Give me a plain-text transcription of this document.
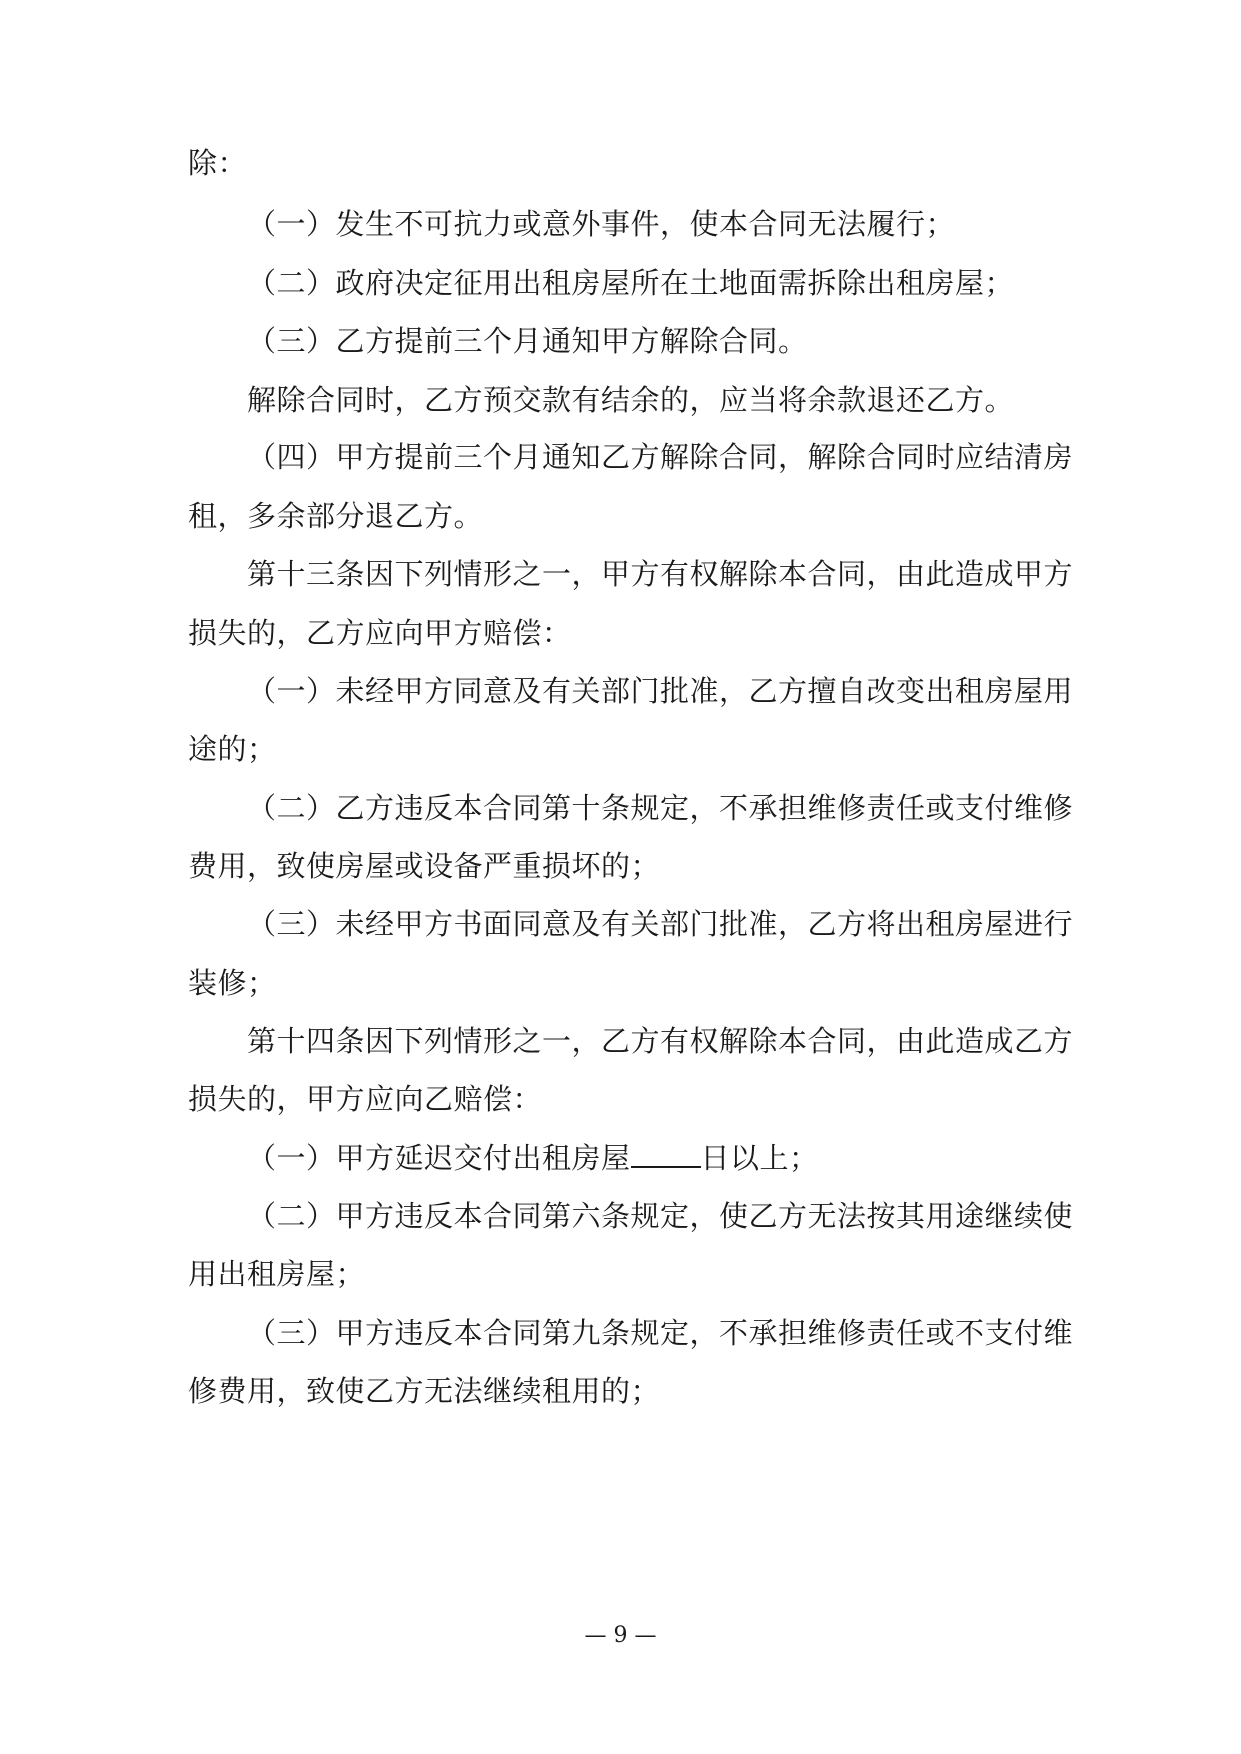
除：
（一）发生不可抗力或意外事件，使本合同无法履行；
（二）政府决定征用出租房屋所在土地面需拆除出租房屋；
（三）乙方提前三个月通知甲方解除合同。
解除合同时，乙方预交款有结余的，应当将余款退还乙方。
（四）甲方提前三个月通知乙方解除合同，解除合同时应结清房
租，多余部分退乙方。
第十三条因下列情形之一，甲方有权解除本合同，由此造成甲方
损失的，乙方应向甲方赔偿：
（一）未经甲方同意及有关部门批准，乙方擅自改变出租房屋用
途的；
（二）乙方违反本合同第十条规定，不承担维修责任或支付维修
费用，致使房屋或设备严重损坏的；
（三）未经甲方书面同意及有关部门批准，乙方将出租房屋进行
装修；
第十四条因下列情形之一，乙方有权解除本合同，由此造成乙方
损失的，甲方应向乙赔偿：
（一）甲方延迟交付出租房屋 日以上；
（二）甲方违反本合同第六条规定，使乙方无法按其用途继续使
用出租房屋；
（三）甲方违反本合同第九条规定，不承担维修责任或不支付维
修费用，致使乙方无法继续租用的；
— 9 —
